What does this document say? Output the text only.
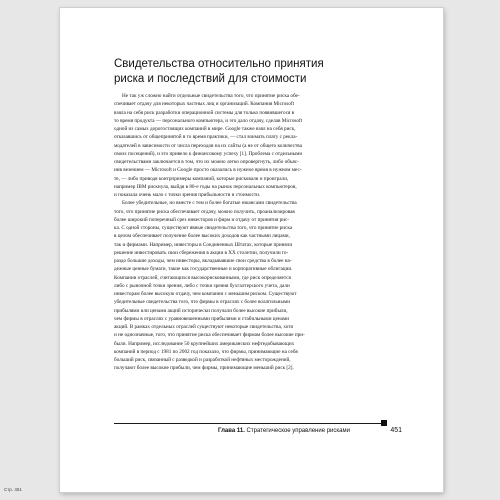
Свидетельства относительно принятия
риска и последствий для стоимости
Не так уж сложно найти отдельные свидетельства того, что принятие риска обе-
спечивает отдачу для некоторых частных лиц и организаций. Компания Microsoft
взяла на себя риск разработки операционной системы для только появившегося в
то время продукта — персонального компьютера, и это дало отдачу, сделав Microsoft
одной из самых дорогостоящих компаний в мире. Google также взял на себя риск,
отказавшись от общепринятой в то время практики, — стал взимать плату с рекла-
модателей в зависимости от числа переходов на их сайты (а не от общего количества
своих посещений), и это привело к финансовому успеху [1]. Проблема с отдельными
свидетельствами заключается в том, что их можно легко опровергнуть, либо объяс-
нив везением — Microsoft и Google просто оказались в нужное время в нужном мес-
те, — либо приводя контрпримеры компаний, которые рисковали и проиграли,
например IBM рискнула, выйдя в 80-е годы на рынок персональных компьютеров,
и показала очень мало с точки зрения прибыльности и стоимости.
Более убедительные, но вместе с тем и более богатые нюансами свидетельства
того, что принятие риска обеспечивает отдачу, можно получить, проанализировав
более широкий поперечный срез инвесторов и фирм и отдачу от принятия рис-
ка. С одной стороны, существуют явные свидетельства того, что принятие риска
в целом обеспечивает получение более высоких доходов как частными лицами,
так и фирмами. Например, инвесторы в Соединенных Штатах, которые приняли
решение инвестировать свои сбережения в акции в XX столетии, получили го-
раздо большие доходы, чем инвесторы, вкладывавшие свои средства в более на-
дежные ценные бумаги, такие как государственные и корпоративные облигации.
Компании отраслей, считающихся высокорискованными, где риск определяется
либо с рыночной точки зрения, либо с точки зрения бухгалтерского учета, дали
инвесторам более высокую отдачу, чем компании с меньшим риском. Существуют
убедительные свидетельства того, что фирмы в отраслях с более волатильными
прибылями или ценами акций исторически получали более высокие прибыли,
чем фирмы в отраслях с уравновешенными прибылями и стабильными ценами
акций. В рамках отдельных отраслей существуют некоторые свидетельства, хотя
и не однозначные, того, что принятие риска обеспечивает фирмам более высокие при-
были. Например, исследование 50 крупнейших американских нефтедобывающих
компаний в период с 1981 по 2002 год показало, что фирмы, принимающие на себя
больший риск, связанный с разведкой и разработкой нефтяных месторождений,
получают более высокие прибыли, чем фирмы, принимающие меньший риск [2].
Глава 11. Стратегическое управление рисками	451
Стр. 451
